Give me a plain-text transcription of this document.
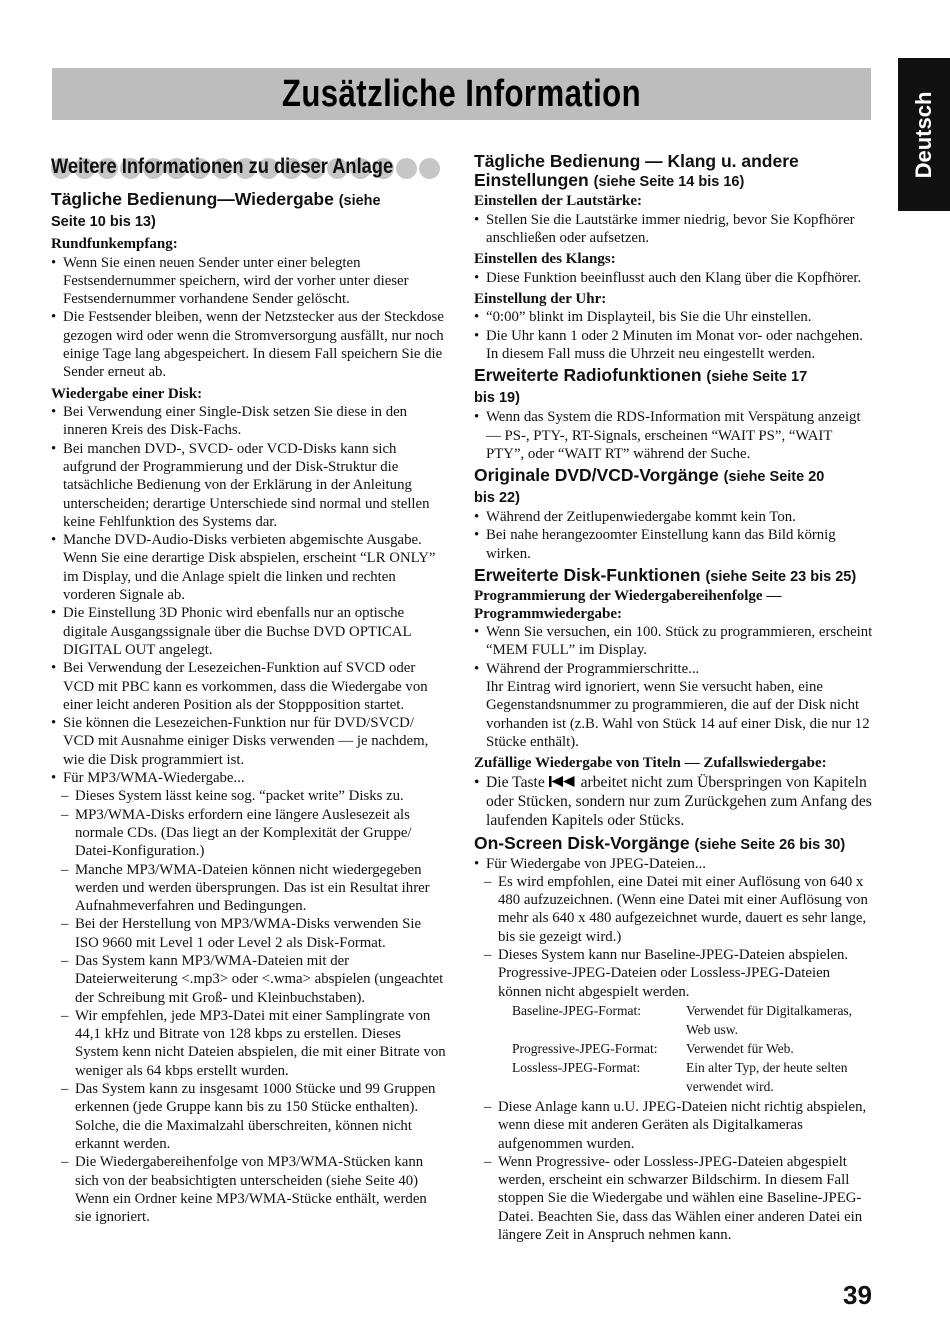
Zusätzliche Information	Deutsch
Weitere Informationen zu dieser Anlage
Tägliche Bedienung—Wiedergabe (siehe
Seite 10 bis 13)
Rundfunkempfang:
• Wenn Sie einen neuen Sender unter einer belegten Festsendernummer speichern, wird der vorher unter dieser Festsendernummer vorhandene Sender gelöscht.
• Die Festsender bleiben, wenn der Netzstecker aus der Steckdose gezogen wird oder wenn die Stromversorgung ausfällt, nur noch einige Tage lang abgespeichert. In diesem Fall speichern Sie die Sender erneut ab.
Wiedergabe einer Disk:
• Bei Verwendung einer Single-Disk setzen Sie diese in den inneren Kreis des Disk-Fachs.
• Bei manchen DVD-, SVCD- oder VCD-Disks kann sich aufgrund der Programmierung und der Disk-Struktur die tatsächliche Bedienung von der Erklärung in der Anleitung unterscheiden; derartige Unterschiede sind normal und stellen keine Fehlfunktion des Systems dar.
• Manche DVD-Audio-Disks verbieten abgemischte Ausgabe. Wenn Sie eine derartige Disk abspielen, erscheint “LR ONLY” im Display, und die Anlage spielt die linken und rechten vorderen Signale ab.
• Die Einstellung 3D Phonic wird ebenfalls nur an optische digitale Ausgangssignale über die Buchse DVD OPTICAL DIGITAL OUT angelegt.
• Bei Verwendung der Lesezeichen-Funktion auf SVCD oder VCD mit PBC kann es vorkommen, dass die Wiedergabe von einer leicht anderen Position als der Stoppposition startet.
• Sie können die Lesezeichen-Funktion nur für DVD/SVCD/ VCD mit Ausnahme einiger Disks verwenden — je nachdem, wie die Disk programmiert ist.
• Für MP3/WMA-Wiedergabe...
– Dieses System lässt keine sog. “packet write” Disks zu.
– MP3/WMA-Disks erfordern eine längere Auslesezeit als normale CDs. (Das liegt an der Komplexität der Gruppe/ Datei-Konfiguration.)
– Manche MP3/WMA-Dateien können nicht wiedergegeben werden und werden übersprungen. Das ist ein Resultat ihrer Aufnahmeverfahren und Bedingungen.
– Bei der Herstellung von MP3/WMA-Disks verwenden Sie ISO 9660 mit Level 1 oder Level 2 als Disk-Format.
– Das System kann MP3/WMA-Dateien mit der Dateierweiterung <.mp3> oder <.wma> abspielen (ungeachtet der Schreibung mit Groß- und Kleinbuchstaben).
– Wir empfehlen, jede MP3-Datei mit einer Samplingrate von 44,1 kHz und Bitrate von 128 kbps zu erstellen. Dieses System kenn nicht Dateien abspielen, die mit einer Bitrate von weniger als 64 kbps erstellt wurden.
– Das System kann zu insgesamt 1000 Stücke und 99 Gruppen erkennen (jede Gruppe kann bis zu 150 Stücke enthalten). Solche, die die Maximalzahl überschreiten, können nicht erkannt werden.
– Die Wiedergabereihenfolge von MP3/WMA-Stücken kann sich von der beabsichtigten unterscheiden (siehe Seite 40) Wenn ein Ordner keine MP3/WMA-Stücke enthält, werden sie ignoriert.
Tägliche Bedienung — Klang u. andere
Einstellungen (siehe Seite 14 bis 16)
Einstellen der Lautstärke:
• Stellen Sie die Lautstärke immer niedrig, bevor Sie Kopfhörer anschließen oder aufsetzen.
Einstellen des Klangs:
• Diese Funktion beeinflusst auch den Klang über die Kopfhörer.
Einstellung der Uhr:
• “0:00” blinkt im Displayteil, bis Sie die Uhr einstellen.
• Die Uhr kann 1 oder 2 Minuten im Monat vor- oder nachgehen. In diesem Fall muss die Uhrzeit neu eingestellt werden.
Erweiterte Radiofunktionen (siehe Seite 17
bis 19)
• Wenn das System die RDS-Information mit Verspätung anzeigt — PS-, PTY-, RT-Signals, erscheinen “WAIT PS”, “WAIT PTY”, oder “WAIT RT” während der Suche.
Originale DVD/VCD-Vorgänge (siehe Seite 20
bis 22)
• Während der Zeitlupenwiedergabe kommt kein Ton.
• Bei nahe herangezoomter Einstellung kann das Bild körnig wirken.
Erweiterte Disk-Funktionen (siehe Seite 23 bis 25)
Programmierung der Wiedergabereihenfolge —
Programmwiedergabe:
• Wenn Sie versuchen, ein 100. Stück zu programmieren, erscheint “MEM FULL” im Display.
• Während der Programmierschritte...
Ihr Eintrag wird ignoriert, wenn Sie versucht haben, eine Gegenstandsnummer zu programmieren, die auf der Disk nicht vorhanden ist (z.B. Wahl von Stück 14 auf einer Disk, die nur 12 Stücke enthält).
Zufällige Wiedergabe von Titeln — Zufallswiedergabe:
• Die Taste  arbeitet nicht zum Überspringen von Kapiteln oder Stücken, sondern nur zum Zurückgehen zum Anfang des laufenden Kapitels oder Stücks.
On-Screen Disk-Vorgänge (siehe Seite 26 bis 30)
• Für Wiedergabe von JPEG-Dateien...
– Es wird empfohlen, eine Datei mit einer Auflösung von 640 x 480 aufzuzeichnen. (Wenn eine Datei mit einer Auflösung von mehr als 640 x 480 aufgezeichnet wurde, dauert es sehr lange, bis sie gezeigt wird.)
– Dieses System kann nur Baseline-JPEG-Dateien abspielen. Progressive-JPEG-Dateien oder Lossless-JPEG-Dateien können nicht abgespielt werden.
Baseline-JPEG-Format:	Verwendet für Digitalkameras, Web usw.
Progressive-JPEG-Format:	Verwendet für Web.
Lossless-JPEG-Format:	Ein alter Typ, der heute selten verwendet wird.
– Diese Anlage kann u.U. JPEG-Dateien nicht richtig abspielen, wenn diese mit anderen Geräten als Digitalkameras aufgenommen wurden.
– Wenn Progressive- oder Lossless-JPEG-Dateien abgespielt werden, erscheint ein schwarzer Bildschirm. In diesem Fall stoppen Sie die Wiedergabe und wählen eine Baseline-JPEG-Datei. Beachten Sie, dass das Wählen einer anderen Datei ein längere Zeit in Anspruch nehmen kann.
39
